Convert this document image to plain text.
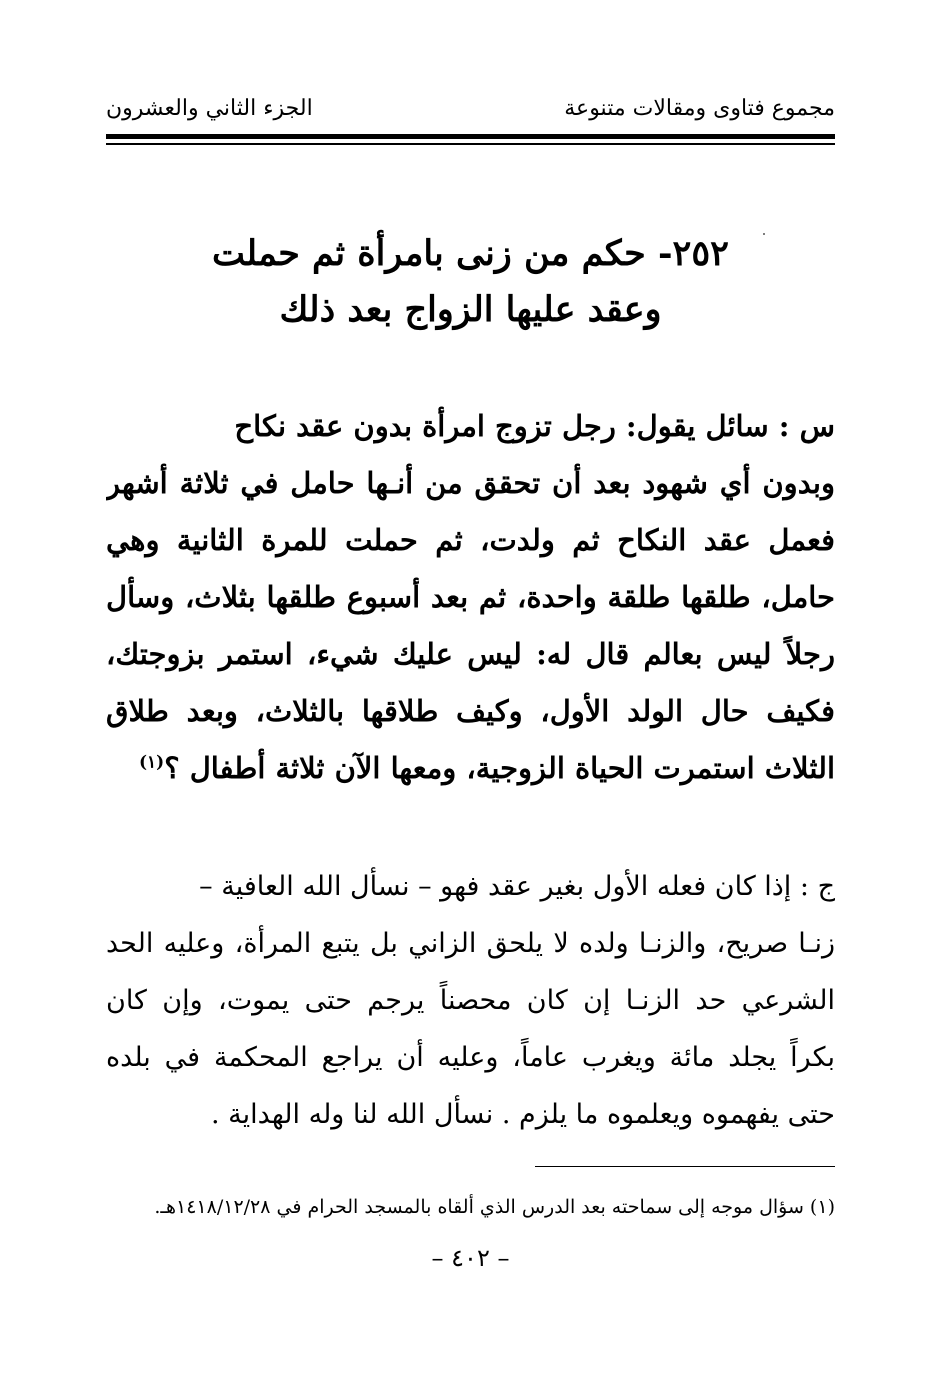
مجموع فتاوى ومقالات متنوعة
الجزء الثاني والعشرون
٢٥٢- حكم من زنى بامرأة ثم حملت
وعقد عليها الزواج بعد ذلك
س : سائل يقول: رجل تزوج امرأة بدون عقد نكاح
وبدون أي شهود بعد أن تحقق من أنـها حامل في ثلاثة أشهر
فعمل عقد النكاح ثم ولدت، ثم حملت للمرة الثانية وهي
حامل، طلقها طلقة واحدة، ثم بعد أسبوع طلقها بثلاث، وسأل
رجلاً ليس بعالم قال له: ليس عليك شيء، استمر بزوجتك،
فكيف حال الولد الأول، وكيف طلاقها بالثلاث، وبعد طلاق
الثلاث استمرت الحياة الزوجية، ومعها الآن ثلاثة أطفال ؟$^{(١)}$
ج : إذا كان فعله الأول بغير عقد فهو – نسأل الله العافية –
زنـا صريح، والزنـا ولده لا يلحق الزاني بل يتبع المرأة، وعليه الحد
الشرعي حد الزنـا إن كان محصناً يرجم حتى يموت، وإن كان
بكراً يجلد مائة ويغرب عاماً، وعليه أن يراجع المحكمة في بلده
حتى يفهموه ويعلموه ما يلزم . نسأل الله لنا وله الهداية .
(١) سؤال موجه إلى سماحته بعد الدرس الذي ألقاه بالمسجد الحرام في ١٤١٨/١٢/٢٨هـ.
– ٤٠٢ –
